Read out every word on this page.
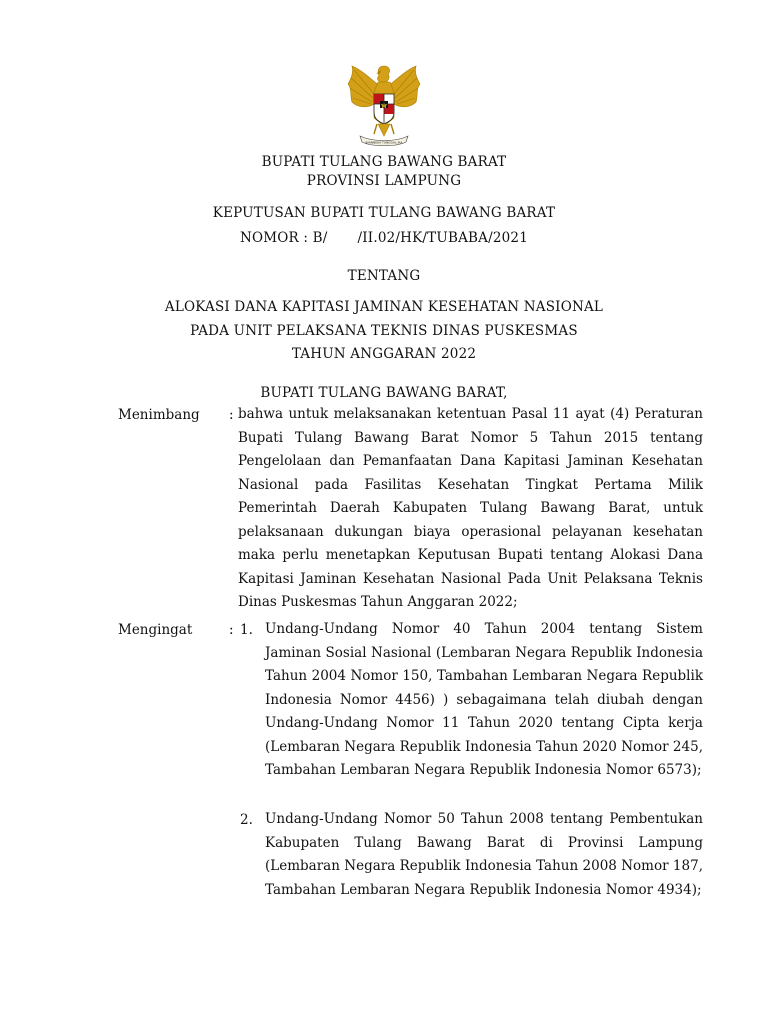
BHINNEKA TUNGGAL IKA
BUPATI TULANG BAWANG BARAT
PROVINSI LAMPUNG
KEPUTUSAN BUPATI TULANG BAWANG BARAT
NOMOR : B/ /II.02/HK/TUBABA/2021
TENTANG
ALOKASI DANA KAPITASI JAMINAN KESEHATAN NASIONAL
PADA UNIT PELAKSANA TEKNIS DINAS PUSKESMAS
TAHUN ANGGARAN 2022
BUPATI TULANG BAWANG BARAT,
Menimbang : bahwa untuk melaksanakan ketentuan Pasal 11 ayat (4) Peraturan Bupati Tulang Bawang Barat Nomor 5 Tahun 2015 tentang Pengelolaan dan Pemanfaatan Dana Kapitasi Jaminan Kesehatan Nasional pada Fasilitas Kesehatan Tingkat Pertama Milik Pemerintah Daerah Kabupaten Tulang Bawang Barat, untuk pelaksanaan dukungan biaya operasional pelayanan kesehatan maka perlu menetapkan Keputusan Bupati tentang Alokasi Dana Kapitasi Jaminan Kesehatan Nasional Pada Unit Pelaksana Teknis Dinas Puskesmas Tahun Anggaran 2022;

Mengingat	: 1. Undang-Undang Nomor 40 Tahun 2004 tentang Sistem Jaminan Sosial Nasional (Lembaran Negara Republik Indonesia Tahun 2004 Nomor 150, Tambahan Lembaran Negara Republik Indonesia Nomor 4456) ) sebagaimana telah diubah dengan Undang-Undang Nomor 11 Tahun 2020 tentang Cipta kerja (Lembaran Negara Republik Indonesia Tahun 2020 Nomor 245, Tambahan Lembaran Negara Republik Indonesia Nomor 6573);

2. Undang-Undang Nomor 50 Tahun 2008 tentang Pembentukan Kabupaten Tulang Bawang Barat di Provinsi Lampung (Lembaran Negara Republik Indonesia Tahun 2008 Nomor 187, Tambahan Lembaran Negara Republik Indonesia Nomor 4934);
